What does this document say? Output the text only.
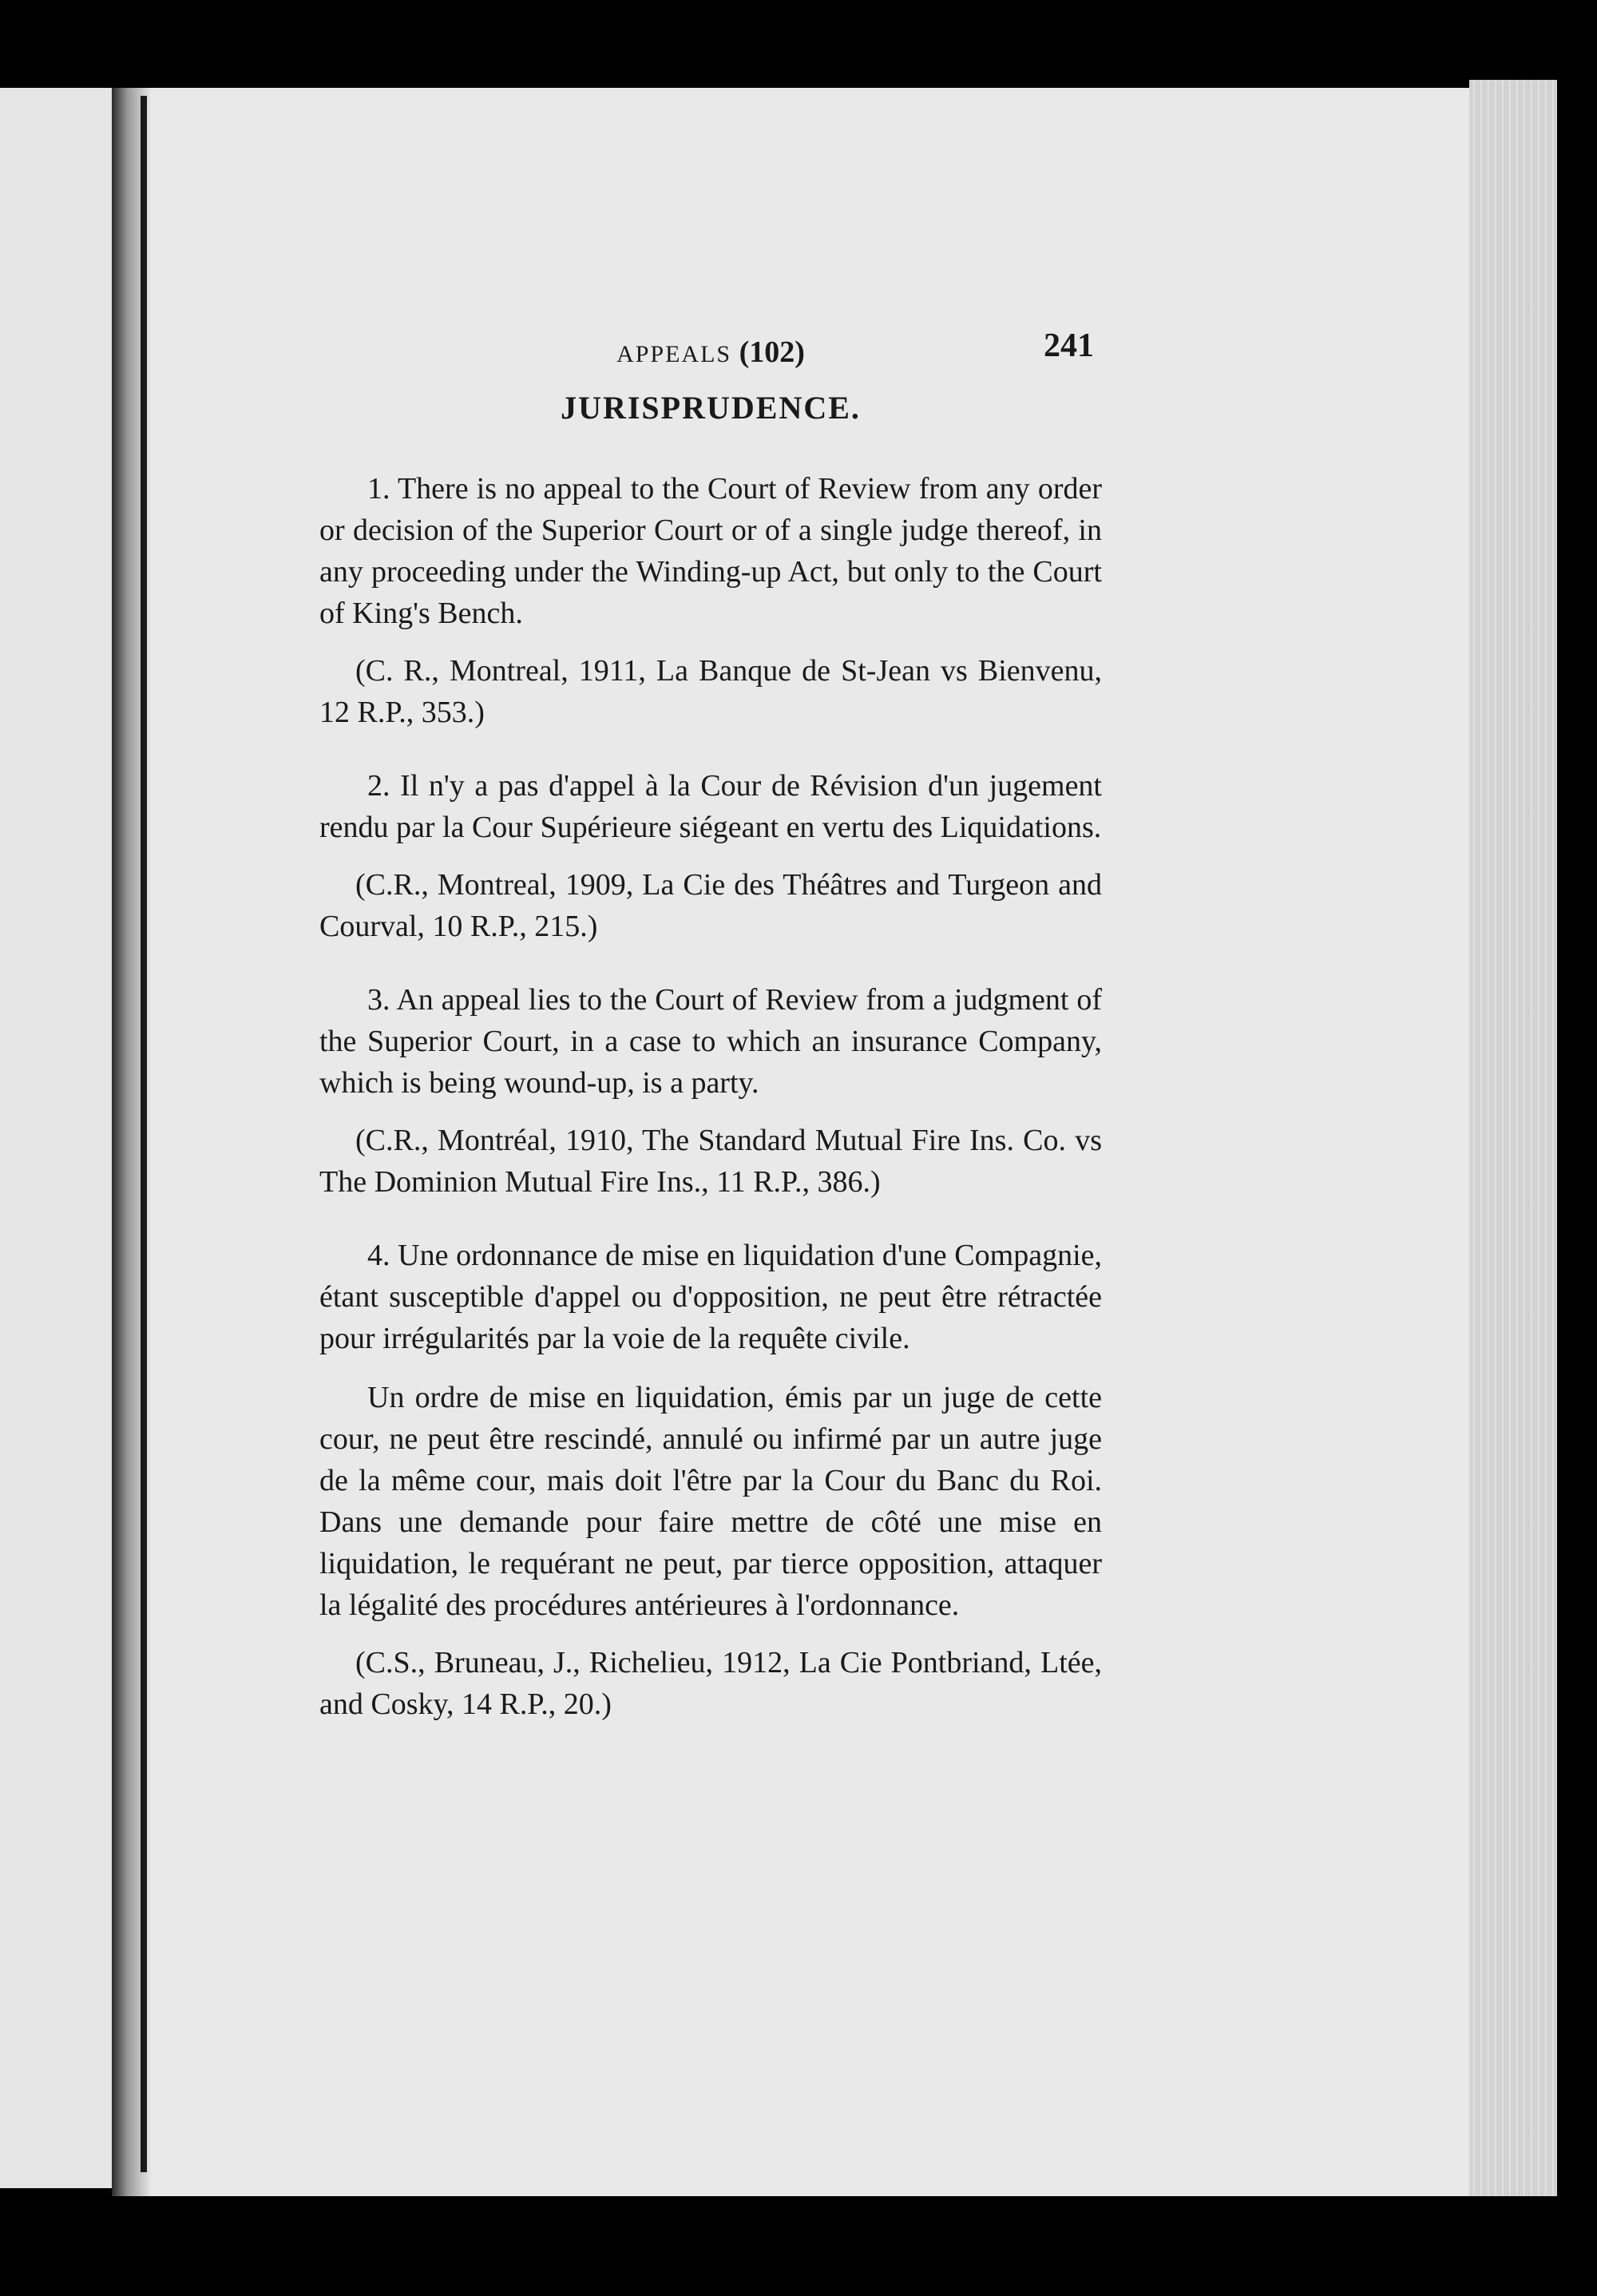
APPEALS (102)	241
JURISPRUDENCE.

1. There is no appeal to the Court of Review from any order or decision of the Superior Court or of a single judge thereof, in any proceeding under the Winding-up Act, but only to the Court of King's Bench.

(C. R., Montreal, 1911, La Banque de St-Jean vs Bienvenu, 12 R.P., 353.)

2. Il n'y a pas d'appel à la Cour de Révision d'un jugement rendu par la Cour Supérieure siégeant en vertu des Liquidations.

(C.R., Montreal, 1909, La Cie des Théâtres and Turgeon and Courval, 10 R.P., 215.)

3. An appeal lies to the Court of Review from a judgment of the Superior Court, in a case to which an insurance Company, which is being wound-up, is a party.

(C.R., Montréal, 1910, The Standard Mutual Fire Ins. Co. vs The Dominion Mutual Fire Ins., 11 R.P., 386.)

4. Une ordonnance de mise en liquidation d'une Compagnie, étant susceptible d'appel ou d'opposition, ne peut être rétractée pour irrégularités par la voie de la requête civile.

Un ordre de mise en liquidation, émis par un juge de cette cour, ne peut être rescindé, annulé ou infirmé par un autre juge de la même cour, mais doit l'être par la Cour du Banc du Roi. Dans une demande pour faire mettre de côté une mise en liquidation, le requérant ne peut, par tierce opposition, attaquer la légalité des procédures antérieures à l'ordonnance.

(C.S., Bruneau, J., Richelieu, 1912, La Cie Pontbriand, Ltée, and Cosky, 14 R.P., 20.)
